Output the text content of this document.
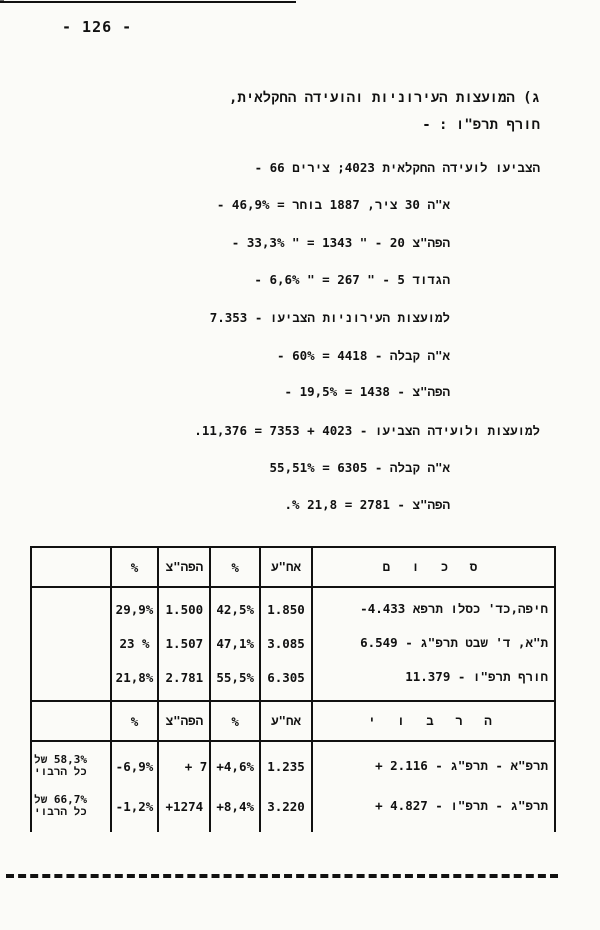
- 126 -
ג) המועצות העירוניות והועידה החקלאית,
חורף תרפ"ו : -
הצביעו לועידה החקלאית 4023; צירים 66 -
א"ה 30 ציר, 1887 בוחר = 46,9% -
הפה"צ 20 - " 1343 = " 33,3% -
הגדוד 5 - " 267 = " 6,6% -
למועצות העירוניות הצביעו - 7.353
א"ה קבלה - 4418 = 60% -
הפה"צ - 1438 = 19,5% -
למועצות ולועידה הצביעו - 4023 + 7353 = 11,376.
א"ה קבלה - 6305 = 55,51%
הפה"צ - 2781 = 21,8 %.
	%	הפה"צ	%	אח"ע	ס כ ו ם

	29,9%	1.500	42,5%	1.850	חיפה,כד' כסלו תרפא 4.433-
	23 %	1.507	47,1%	3.085	ת"א, ד' שבט תרפ"ג - 6.549
	21,8%	2.781	55,5%	6.305	חורף תרפ"ו - 11.379

	%	הפה"צ	%	אח"ע	ה ר ב ו י

58,3% של
כל הרבוי	-6,9%	+ 7	+4,6%	1.235	תרפ"א - תרפ"ג - 2.116 +

66,7% של
כל הרבוי	-1,2%	+1274	+8,4%	3.220	תרפ"ג - תרפ"ו - 4.827 +
